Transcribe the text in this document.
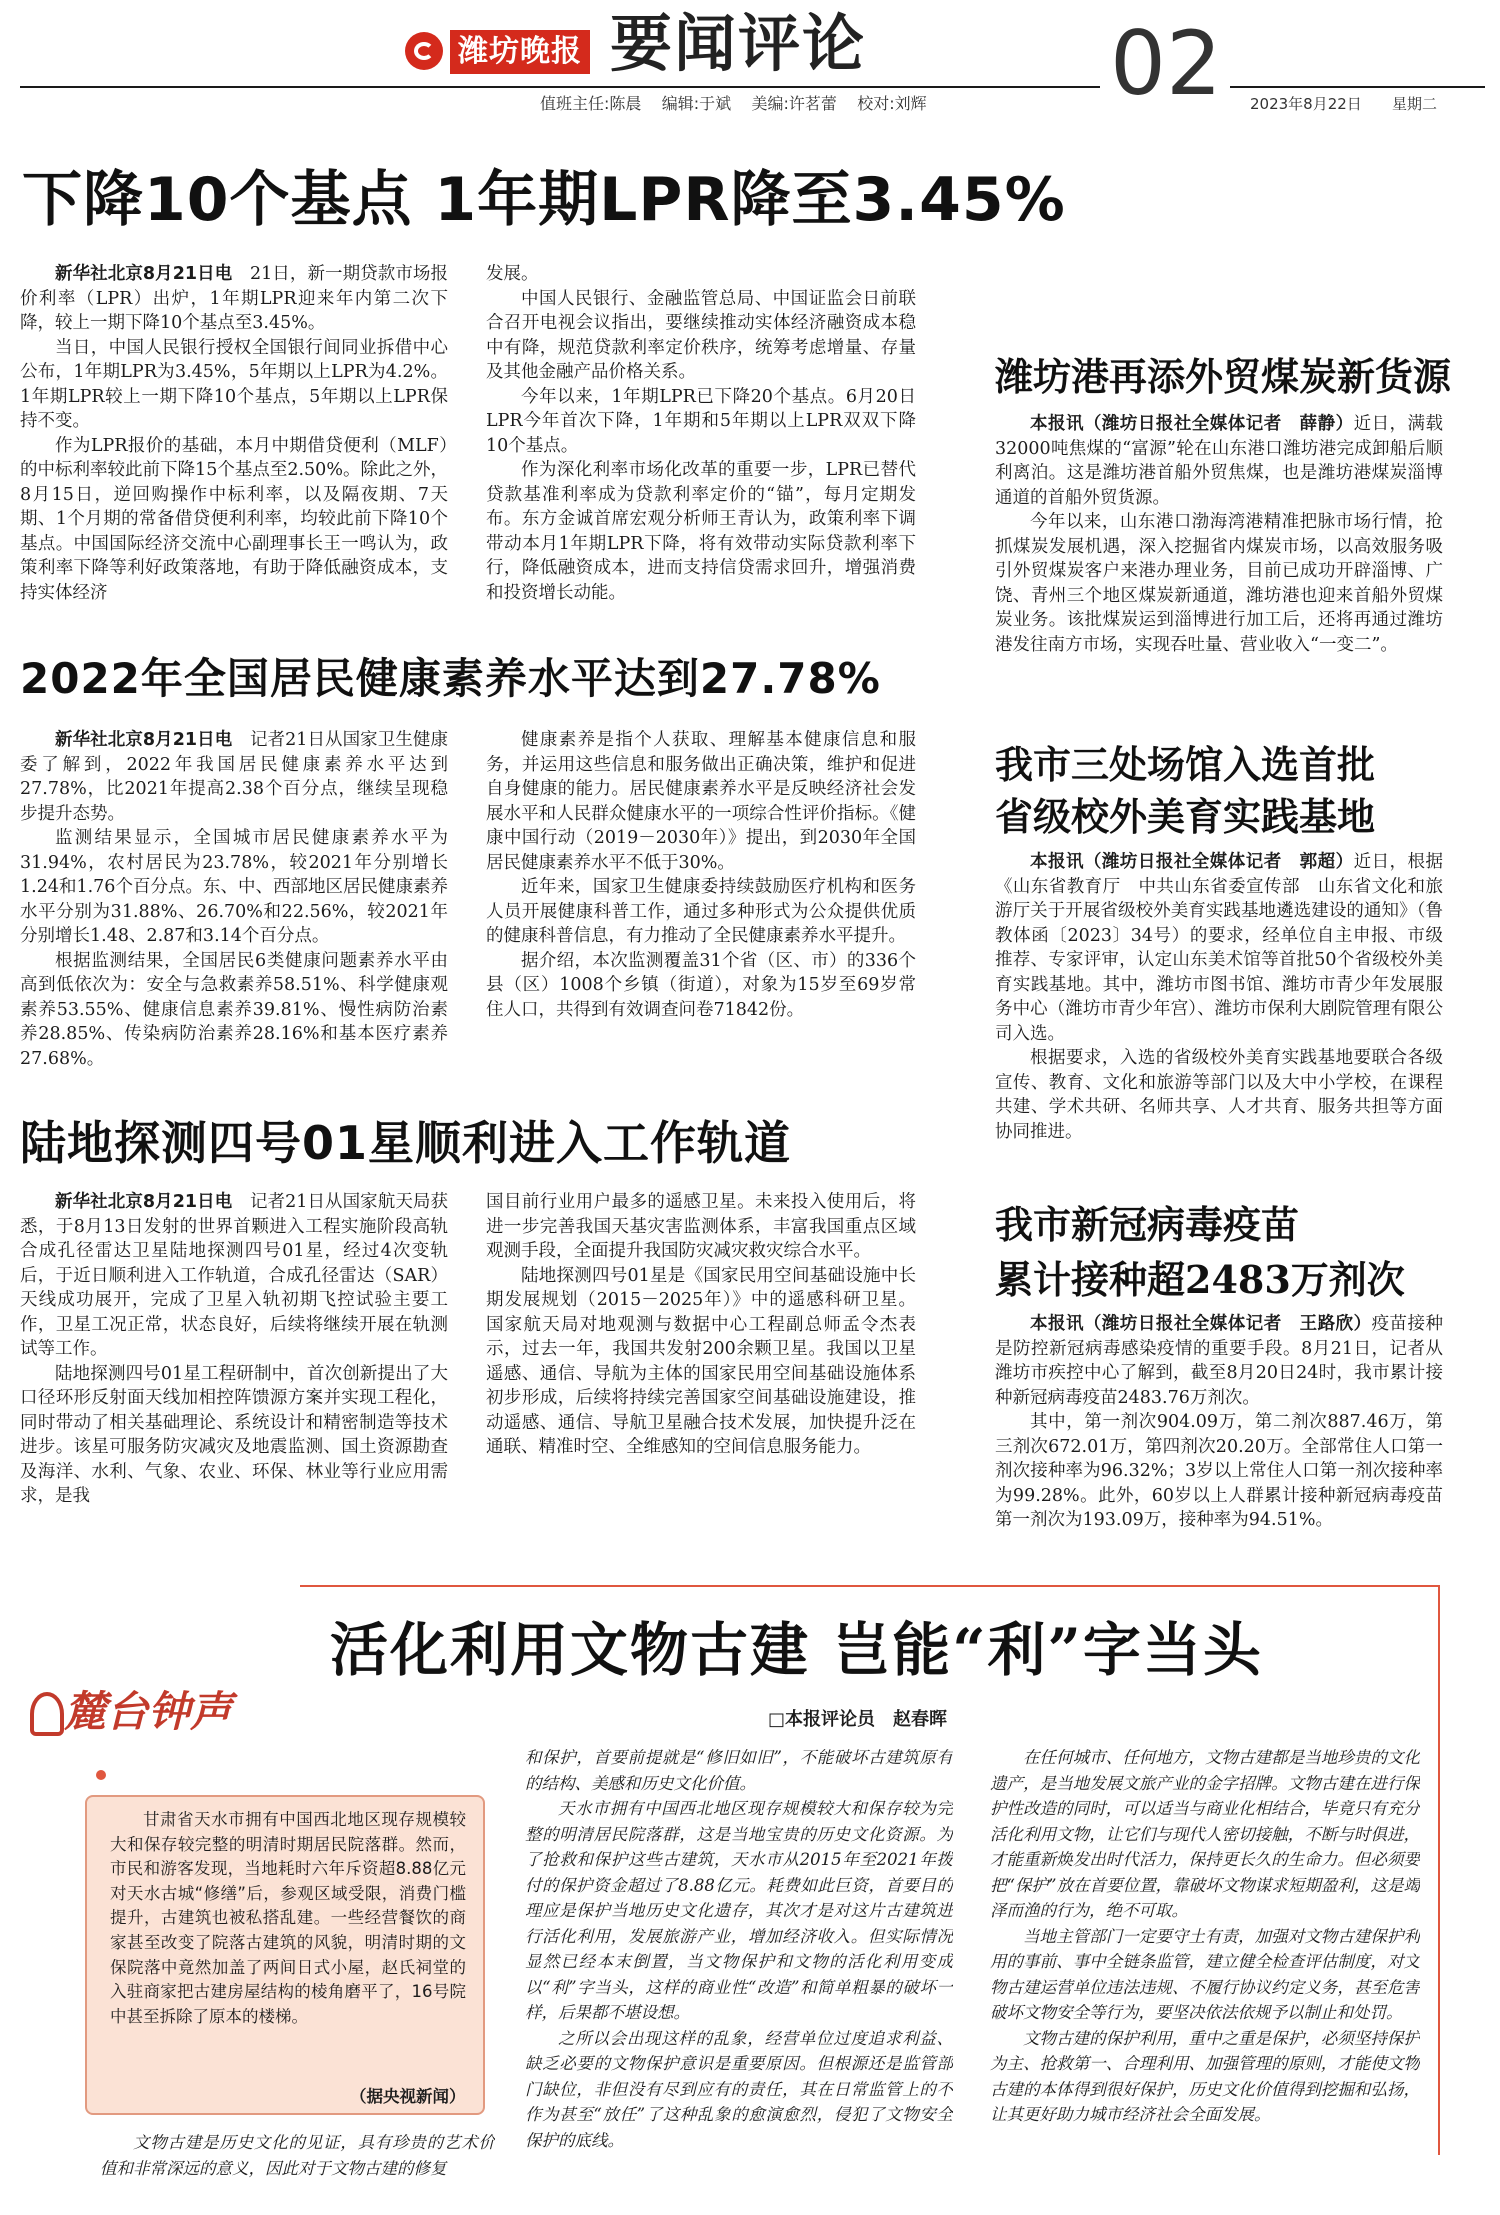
潍坊晚报 要闻评论	02
值班主任:陈晨    编辑:于斌    美编:许茗蕾    校对:刘辉	2023年8月22日 星期二
下降10个基点 1年期LPR降至3.45%

新华社北京8月21日电　 21日，新一期贷款市场报价利率（LPR）出炉，1年期LPR迎来年内第二次下降，较上一期下降10个基点至3.45%。

当日，中国人民银行授权全国银行间同业拆借中心公布，1年期LPR为3.45%，5年期以上LPR为4.2%。1年期LPR较上一期下降10个基点，5年期以上LPR保持不变。

作为LPR报价的基础，本月中期借贷便利（MLF）的中标利率较此前下降15个基点至2.50%。除此之外，8月15日，逆回购操作中标利率，以及隔夜期、7天期、1个月期的常备借贷便利利率，均较此前下降10个基点。中国国际经济交流中心副理事长王一鸣认为，政策利率下降等利好政策落地，有助于降低融资成本，支持实体经济

发展。

中国人民银行、金融监管总局、中国证监会日前联合召开电视会议指出，要继续推动实体经济融资成本稳中有降，规范贷款利率定价秩序，统筹考虑增量、存量及其他金融产品价格关系。

今年以来，1年期LPR已下降20个基点。6月20日LPR今年首次下降，1年期和5年期以上LPR双双下降10个基点。

作为深化利率市场化改革的重要一步，LPR已替代贷款基准利率成为贷款利率定价的“锚”，每月定期发布。东方金诚首席宏观分析师王青认为，政策利率下调带动本月1年期LPR下降，将有效带动实际贷款利率下行，降低融资成本，进而支持信贷需求回升，增强消费和投资增长动能。

2022年全国居民健康素养水平达到27.78%

新华社北京8月21日电　 记者21日从国家卫生健康委了解到，2022年我国居民健康素养水平达到27.78%，比2021年提高2.38个百分点，继续呈现稳步提升态势。

监测结果显示，全国城市居民健康素养水平为31.94%，农村居民为23.78%，较2021年分别增长1.24和1.76个百分点。东、中、西部地区居民健康素养水平分别为31.88%、26.70%和22.56%，较2021年分别增长1.48、2.87和3.14个百分点。

根据监测结果，全国居民6类健康问题素养水平由高到低依次为：安全与急救素养58.51%、科学健康观素养53.55%、健康信息素养39.81%、慢性病防治素养28.85%、传染病防治素养28.16%和基本医疗素养27.68%。

健康素养是指个人获取、理解基本健康信息和服务，并运用这些信息和服务做出正确决策，维护和促进自身健康的能力。居民健康素养水平是反映经济社会发展水平和人民群众健康水平的一项综合性评价指标。《健康中国行动（2019－2030年）》提出，到2030年全国居民健康素养水平不低于30%。

近年来，国家卫生健康委持续鼓励医疗机构和医务人员开展健康科普工作，通过多种形式为公众提供优质的健康科普信息，有力推动了全民健康素养水平提升。

据介绍，本次监测覆盖31个省（区、市）的336个县（区）1008个乡镇（街道），对象为15岁至69岁常住人口，共得到有效调查问卷71842份。

陆地探测四号01星顺利进入工作轨道

新华社北京8月21日电　 记者21日从国家航天局获悉，于8月13日发射的世界首颗进入工程实施阶段高轨合成孔径雷达卫星陆地探测四号01星，经过4次变轨后，于近日顺利进入工作轨道，合成孔径雷达（SAR）天线成功展开，完成了卫星入轨初期飞控试验主要工作，卫星工况正常，状态良好，后续将继续开展在轨测试等工作。

陆地探测四号01星工程研制中，首次创新提出了大口径环形反射面天线加相控阵馈源方案并实现工程化，同时带动了相关基础理论、系统设计和精密制造等技术进步。该星可服务防灾减灾及地震监测、国土资源勘查及海洋、水利、气象、农业、环保、林业等行业应用需求，是我

国目前行业用户最多的遥感卫星。未来投入使用后，将进一步完善我国天基灾害监测体系，丰富我国重点区域观测手段，全面提升我国防灾减灾救灾综合水平。

陆地探测四号01星是《国家民用空间基础设施中长期发展规划（2015－2025年）》中的遥感科研卫星。国家航天局对地观测与数据中心工程副总师孟令杰表示，过去一年，我国共发射200余颗卫星。我国以卫星遥感、通信、导航为主体的国家民用空间基础设施体系初步形成，后续将持续完善国家空间基础设施建设，推动遥感、通信、导航卫星融合技术发展，加快提升泛在通联、精准时空、全维感知的空间信息服务能力。

潍坊港再添外贸煤炭新货源

本报讯（潍坊日报社全媒体记者　薛静）近日，满载32000吨焦煤的“富源”轮在山东港口潍坊港完成卸船后顺利离泊。这是潍坊港首船外贸焦煤，也是潍坊港煤炭淄博通道的首船外贸货源。

今年以来，山东港口渤海湾港精准把脉市场行情，抢抓煤炭发展机遇，深入挖掘省内煤炭市场，以高效服务吸引外贸煤炭客户来港办理业务，目前已成功开辟淄博、广饶、青州三个地区煤炭新通道，潍坊港也迎来首船外贸煤炭业务。该批煤炭运到淄博进行加工后，还将再通过潍坊港发往南方市场，实现吞吐量、营业收入“一变二”。

我市三处场馆入选首批
省级校外美育实践基地

本报讯（潍坊日报社全媒体记者　郭超）近日，根据《山东省教育厅　中共山东省委宣传部　山东省文化和旅游厅关于开展省级校外美育实践基地遴选建设的通知》（鲁教体函〔2023〕34号）的要求，经单位自主申报、市级推荐、专家评审，认定山东美术馆等首批50个省级校外美育实践基地。其中，潍坊市图书馆、潍坊市青少年发展服务中心（潍坊市青少年宫）、潍坊市保利大剧院管理有限公司入选。

根据要求，入选的省级校外美育实践基地要联合各级宣传、教育、文化和旅游等部门以及大中小学校，在课程共建、学术共研、名师共享、人才共育、服务共担等方面协同推进。

我市新冠病毒疫苗
累计接种超2483万剂次

本报讯（潍坊日报社全媒体记者　王路欣）疫苗接种是防控新冠病毒感染疫情的重要手段。8月21日，记者从潍坊市疾控中心了解到，截至8月20日24时，我市累计接种新冠病毒疫苗2483.76万剂次。

其中，第一剂次904.09万，第二剂次887.46万，第三剂次672.01万，第四剂次20.20万。全部常住人口第一剂次接种率为96.32%；3岁以上常住人口第一剂次接种率为99.28%。此外，60岁以上人群累计接种新冠病毒疫苗第一剂次为193.09万，接种率为94.51%。

麓台钟声
活化利用文物古建 岂能“利”字当头
□本报评论员　赵春晖

甘肃省天水市拥有中国西北地区现存规模较大和保存较完整的明清时期居民院落群。然而，市民和游客发现，当地耗时六年斥资超8.88亿元对天水古城“修缮”后，参观区域受限，消费门槛提升，古建筑也被私搭乱建。一些经营餐饮的商家甚至改变了院落古建筑的风貌，明清时期的文保院落中竟然加盖了两间日式小屋，赵氏祠堂的入驻商家把古建房屋结构的棱角磨平了，16号院中甚至拆除了原本的楼梯。

（据央视新闻）

文物古建是历史文化的见证，具有珍贵的艺术价值和非常深远的意义，因此对于文物古建的修复

和保护，首要前提就是“修旧如旧”，不能破坏古建筑原有的结构、美感和历史文化价值。

天水市拥有中国西北地区现存规模较大和保存较为完整的明清居民院落群，这是当地宝贵的历史文化资源。为了抢救和保护这些古建筑，天水市从2015年至2021年拨付的保护资金超过了8.88亿元。耗费如此巨资，首要目的理应是保护当地历史文化遗存，其次才是对这片古建筑进行活化利用，发展旅游产业，增加经济收入。但实际情况显然已经本末倒置，当文物保护和文物的活化利用变成以“利”字当头，这样的商业性“改造”和简单粗暴的破坏一样，后果都不堪设想。

之所以会出现这样的乱象，经营单位过度追求利益、缺乏必要的文物保护意识是重要原因。但根源还是监管部门缺位，非但没有尽到应有的责任，其在日常监管上的不作为甚至“放任”了这种乱象的愈演愈烈，侵犯了文物安全保护的底线。

在任何城市、任何地方，文物古建都是当地珍贵的文化遗产，是当地发展文旅产业的金字招牌。文物古建在进行保护性改造的同时，可以适当与商业化相结合，毕竟只有充分活化利用文物，让它们与现代人密切接触，不断与时俱进，才能重新焕发出时代活力，保持更长久的生命力。但必须要把“保护”放在首要位置，靠破坏文物谋求短期盈利，这是竭泽而渔的行为，绝不可取。

当地主管部门一定要守土有责，加强对文物古建保护利用的事前、事中全链条监管，建立健全检查评估制度，对文物古建运营单位违法违规、不履行协议约定义务，甚至危害破坏文物安全等行为，要坚决依法依规予以制止和处罚。

文物古建的保护利用，重中之重是保护，必须坚持保护为主、抢救第一、合理利用、加强管理的原则，才能使文物古建的本体得到很好保护，历史文化价值得到挖掘和弘扬，让其更好助力城市经济社会全面发展。
